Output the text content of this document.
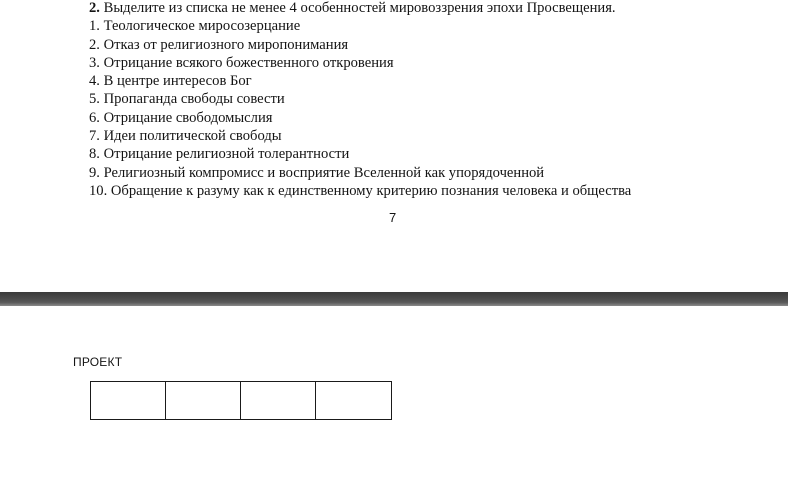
2. Выделите из списка не менее 4 особенностей мировоззрения эпохи Просвещения.
1. Теологическое миросозерцание
2. Отказ от религиозного миропонимания
3. Отрицание всякого божественного откровения
4. В центре интересов Бог
5. Пропаганда свободы совести
6. Отрицание свободомыслия
7. Идеи политической свободы
8. Отрицание религиозной толерантности
9. Религиозный компромисс и восприятие Вселенной как упорядоченной
10. Обращение к разуму как к единственному критерию познания человека и общества
7
ПРОЕКТ
